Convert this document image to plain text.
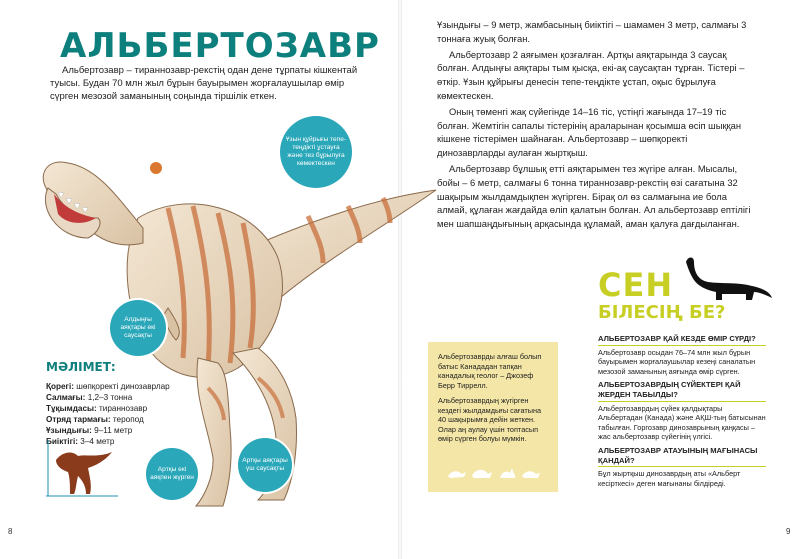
АЛЬБЕРТОЗАВР

Альбертозавр – тираннозавр-рекстің одан дене тұрпаты кішкентай туысы. Будан 70 млн жыл бұрын бауырымен жорғалаушылар өмір сүрген мезозой заманының соңында тіршілік еткен.

Ұзын құйрығы тепе-теңдікті ұстауға және тез бұрылуға көмектескен
Алдыңғы аяқтары екі саусақты
Артқы екі аяқпен жүрген
Артқы аяқтары үш саусақты
МӘЛІМЕТ:
Қорегі: шөпқоректі динозаврлар
Салмағы: 1,2–3 тонна
Тұқымдасы: тираннозавр
Отряд тармағы: теропод
Ұзындығы: 9–11 метр
Биіктігі: 3–4 метр
8

Ұзындығы – 9 метр, жамбасының биіктігі – шамамен 3 метр, салмағы 3 тоннаға жуық болған.

Альбертозавр 2 аяғымен қозғалған. Артқы аяқтарында 3 саусақ болған. Алдыңғы аяқтары тым қысқа, екі-ақ саусақтан тұрған. Тістері – өткір. Ұзын құйрығы денесін тепе-теңдікте ұстап, оқыс бұрылуға көмектескен.

Оның төменгі жақ сүйегінде 14–16 тіс, үстіңгі жағында 17–19 тіс болған. Жемтігін сапалы тістерінің араларынан қосымша өсіп шыққан кішкене тістерімен шайнаған. Альбертозавр – шөпқоректі динозаврларды аулаған жыртқыш.

Альбертозавр бұлшық етті аяқтарымен тез жүгіре алған. Мысалы, бойы – 6 метр, салмағы 6 тонна тираннозавр-рекстің өзі сағатына 32 шақырым жылдамдықпен жүгірген. Бірақ ол өз салмағына ие бола алмай, құлаған жағдайда өліп қалатын болған. Ал альбертозавр ептілігі мен шапшаңдығының арқасында құламай, аман қалуға дағдыланған.

Альбертозаврды алғаш болып батыс Канададан тапқан канадалық геолог – Джозеф Берр Тиррелл.

Альбертозаврдың жүгірген кездегі жылдамдығы сағатына 40 шақырымға дейін жеткен. Олар аң аулау үшін топтасып өмір сүрген болуы мүмкін.

СЕН
БІЛЕСІҢ БЕ?
АЛЬБЕРТОЗАВР ҚАЙ КЕЗДЕ ӨМІР СҮРДІ?
Альбертозавр осыдан 76–74 млн жыл бұрын бауырымен жорғалаушылар кезеңі саналатын мезозой заманының аяғында өмір сүрген.
АЛЬБЕРТОЗАВРДЫҢ СҮЙЕКТЕРІ ҚАЙ ЖЕРДЕН ТАБЫЛДЫ?
Альбертозаврдың сүйек қалдықтары Альбертадан (Канада) және АҚШ-тың батысынан табылған. Горгозавр динозаврының қаңқасы – жас альбертозавр сүйегінің үлгісі.
АЛЬБЕРТОЗАВР АТАУЫНЫҢ МАҒЫНАСЫ ҚАНДАЙ?
Бұл жыртқыш динозаврдың аты «Альберт кесірткесі» деген мағынаны білдіреді.
9
